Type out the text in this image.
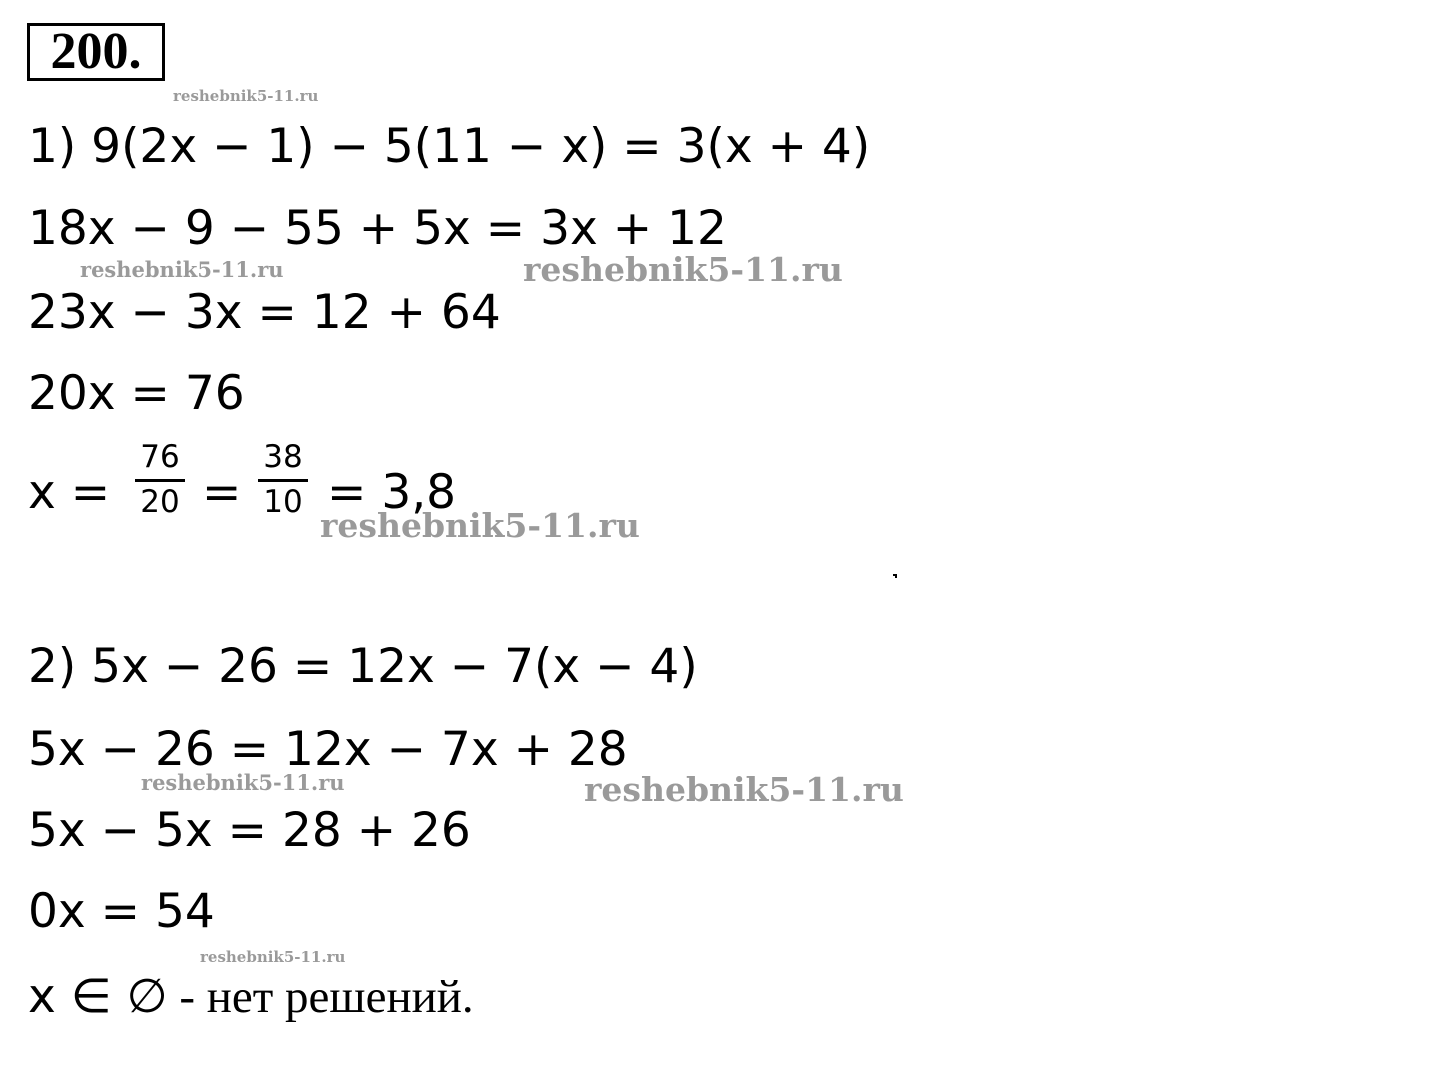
200.
reshebnik5-11.ru
reshebnik5-11.ru	reshebnik5-11.ru
reshebnik5-11.ru
reshebnik5-11.ru	reshebnik5-11.ru
reshebnik5-11.ru
1) 9(2x − 1) − 5(11 − x) = 3(x + 4)
18x − 9 − 55 + 5x = 3x + 12
23x − 3x = 12 + 64
20x = 76
x =
76
20 =
38
10 = 3,8
2) 5x − 26 = 12x − 7(x − 4)
5x − 26 = 12x − 7x + 28
5x − 5x = 28 + 26
0x = 54
x ∈ ∅ - нет решений.
